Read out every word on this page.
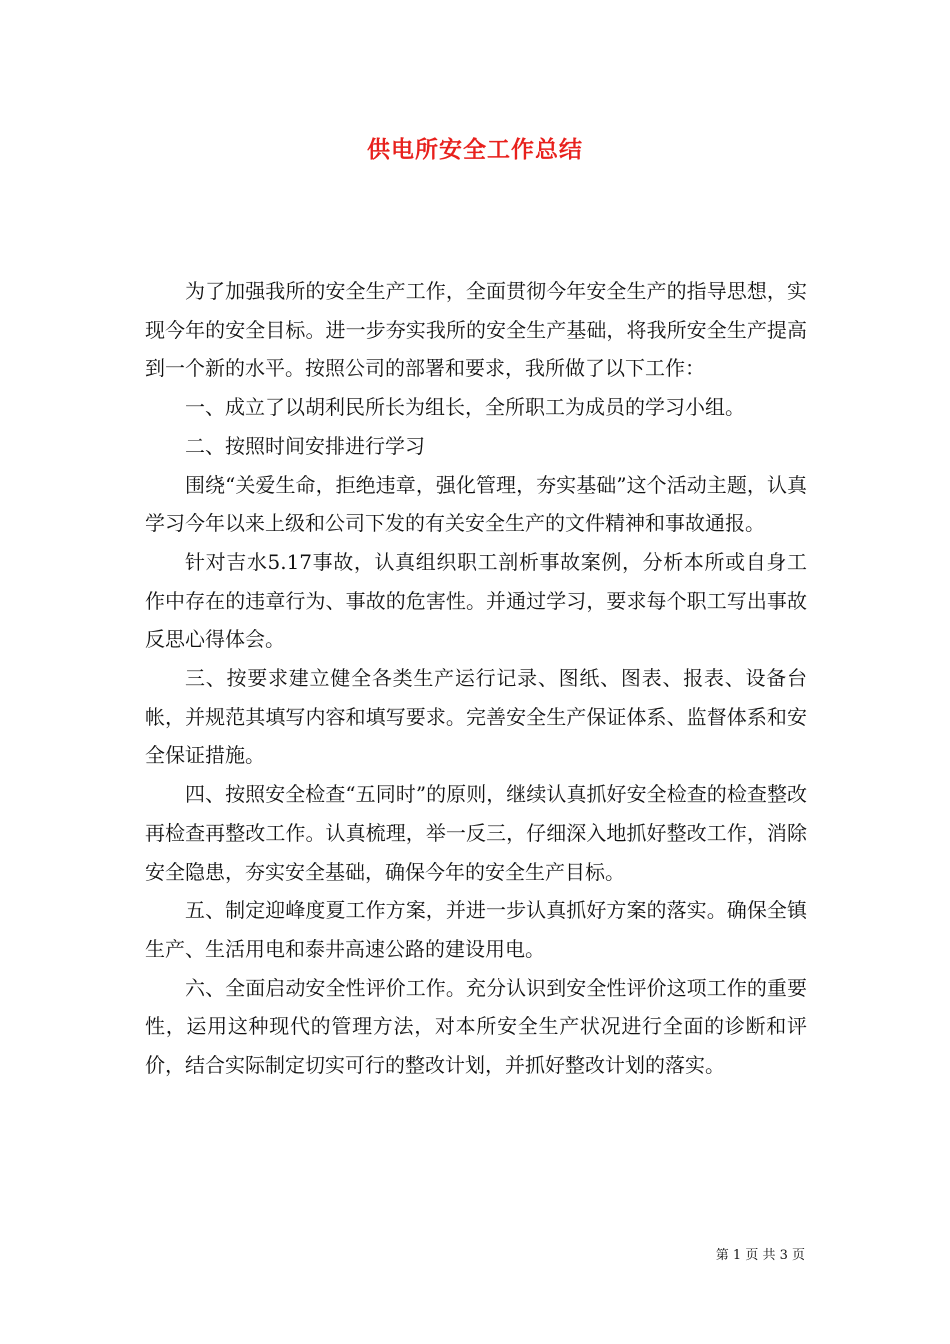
供电所安全工作总结

为了加强我所的安全生产工作，全面贯彻今年安全生产的指导思想，实现今年的安全目标。进一步夯实我所的安全生产基础，将我所安全生产提高到一个新的水平。按照公司的部署和要求，我所做了以下工作：

一、成立了以胡利民所长为组长，全所职工为成员的学习小组。

二、按照时间安排进行学习

围绕“关爱生命，拒绝违章，强化管理，夯实基础”这个活动主题，认真学习今年以来上级和公司下发的有关安全生产的文件精神和事故通报。

针对吉水5.17事故，认真组织职工剖析事故案例，分析本所或自身工作中存在的违章行为、事故的危害性。并通过学习，要求每个职工写出事故反思心得体会。

三、按要求建立健全各类生产运行记录、图纸、图表、报表、设备台帐，并规范其填写内容和填写要求。完善安全生产保证体系、监督体系和安全保证措施。

四、按照安全检查“五同时”的原则，继续认真抓好安全检查的检查整改再检查再整改工作。认真梳理，举一反三，仔细深入地抓好整改工作，消除安全隐患，夯实安全基础，确保今年的安全生产目标。

五、制定迎峰度夏工作方案，并进一步认真抓好方案的落实。确保全镇生产、生活用电和泰井高速公路的建设用电。

六、全面启动安全性评价工作。充分认识到安全性评价这项工作的重要性，运用这种现代的管理方法，对本所安全生产状况进行全面的诊断和评价，结合实际制定切实可行的整改计划，并抓好整改计划的落实。

第 1 页 共 3 页
